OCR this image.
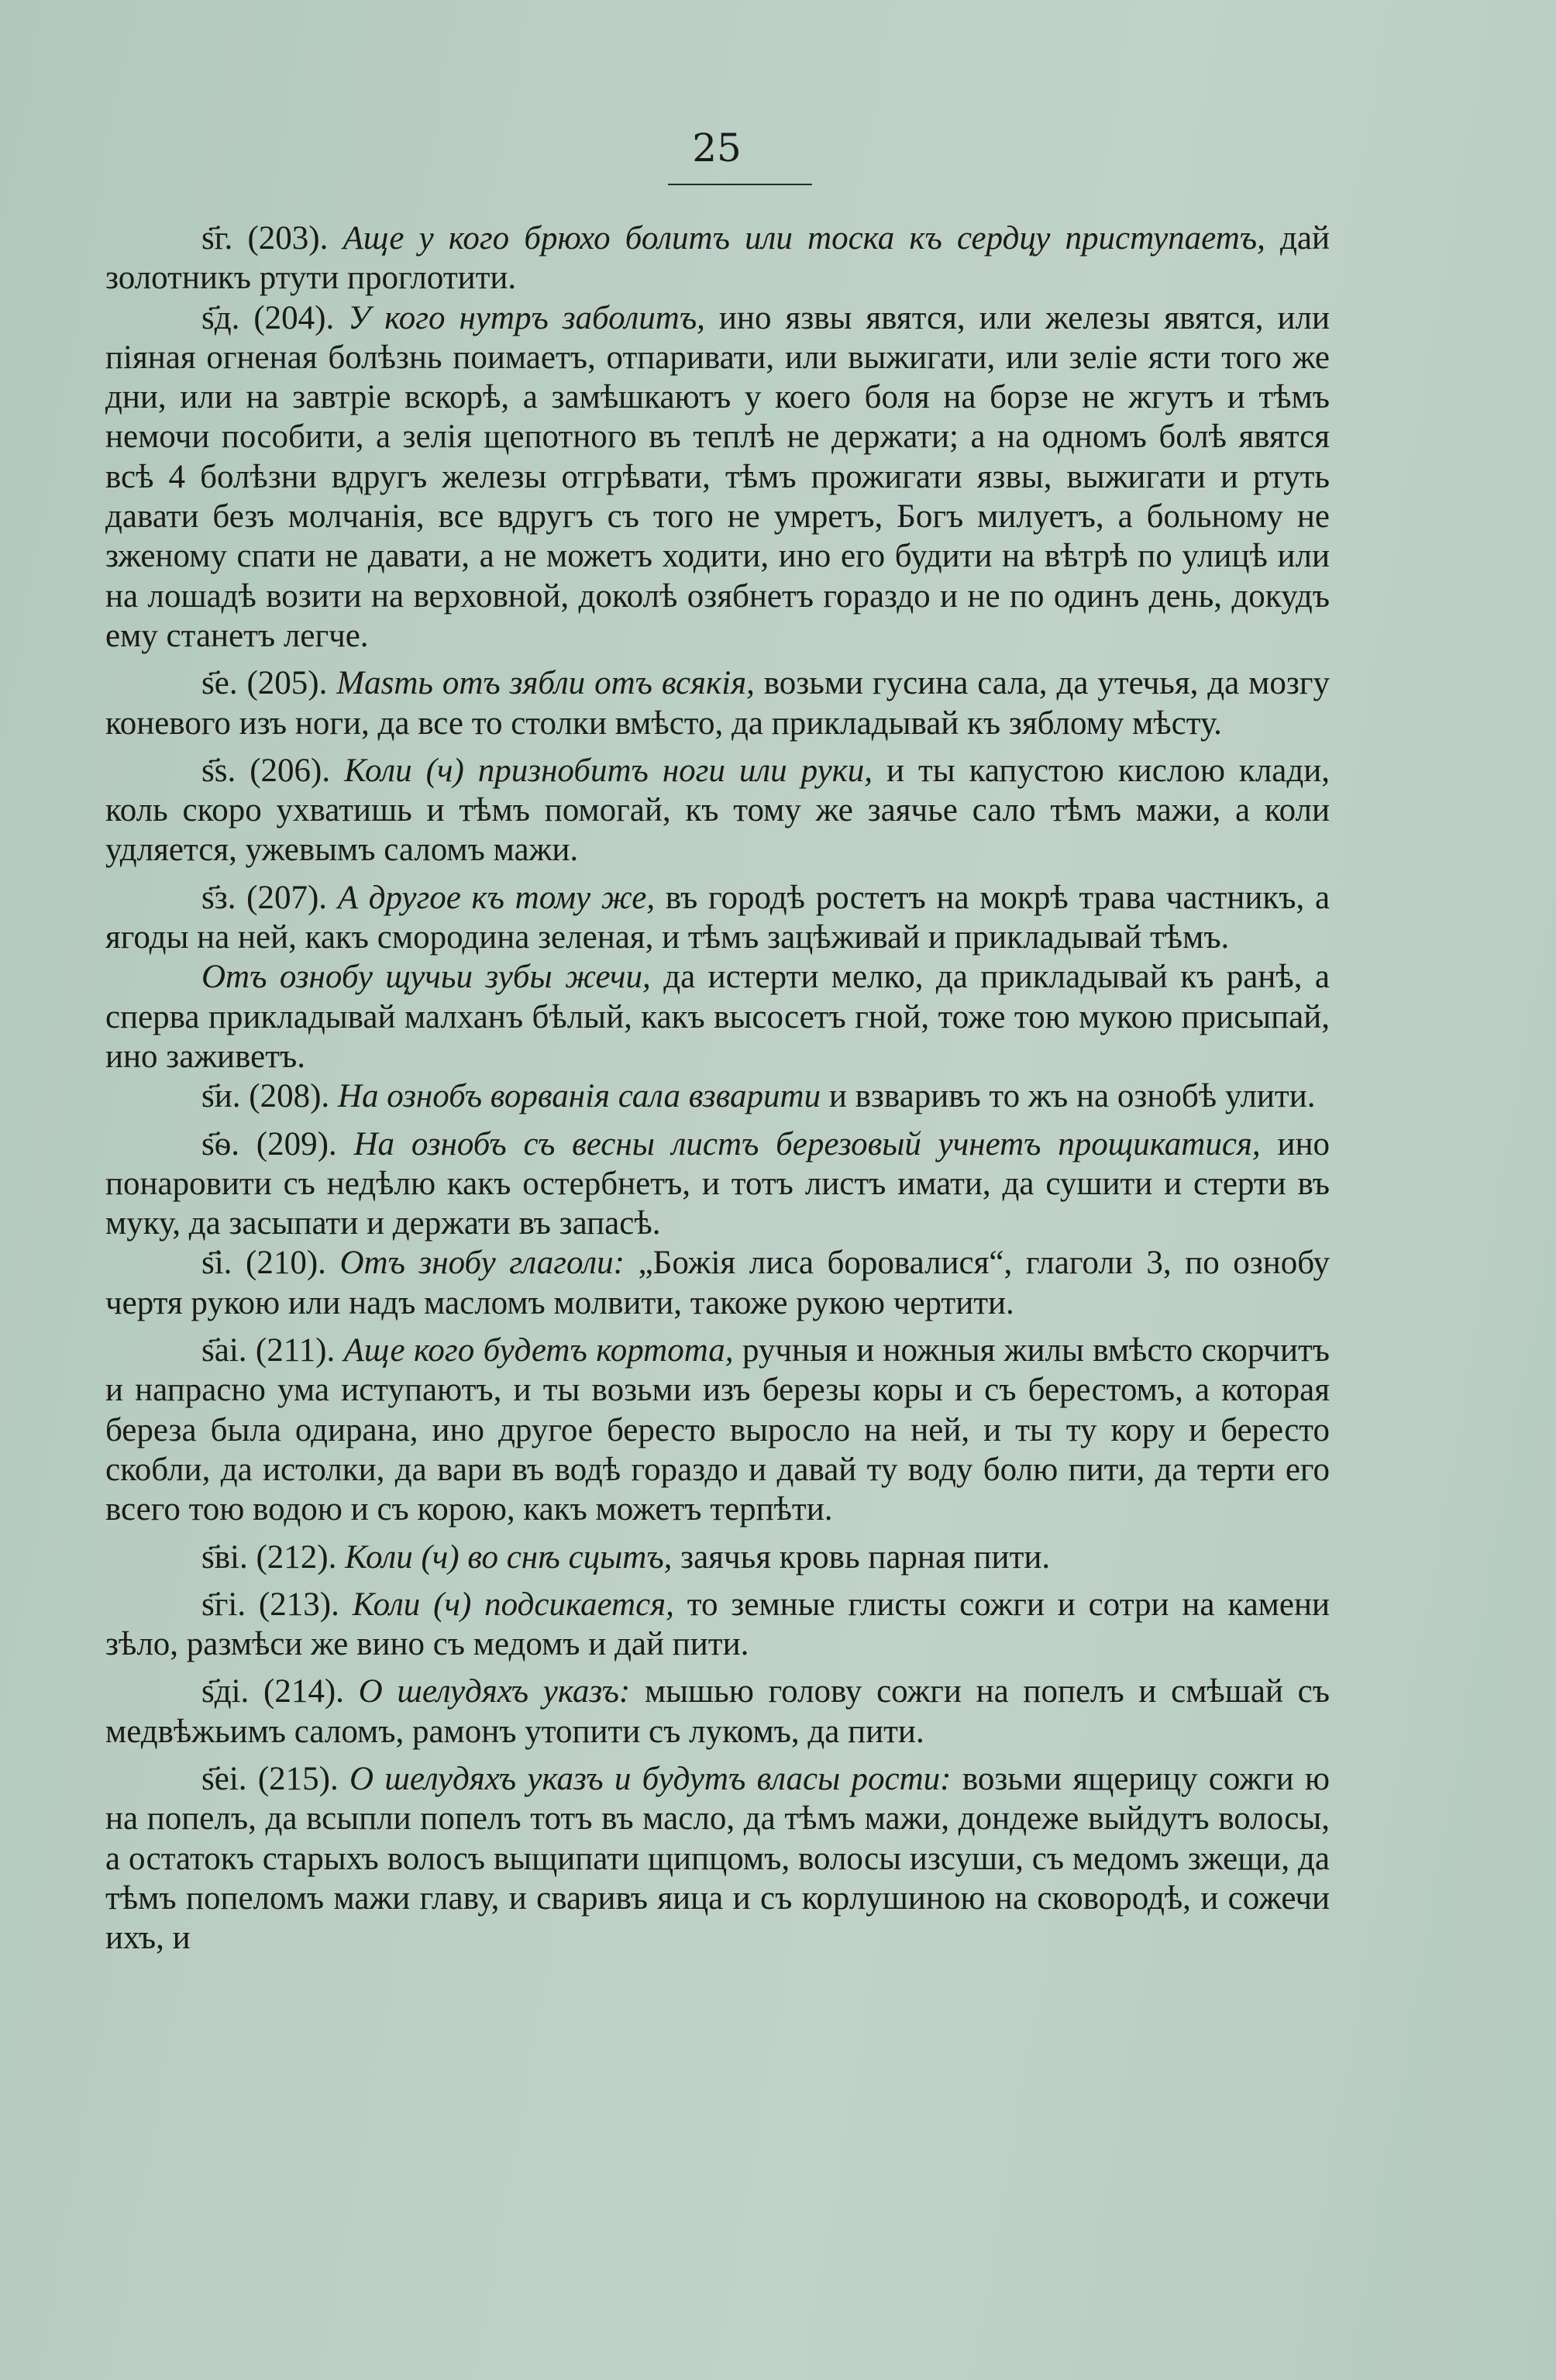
25

ѕ҃г. (203). Аще у кого брюхо болитъ или тоска къ сердцу приступаетъ, дай золотникъ ртути проглотити.

ѕ҃д. (204). У кого нутръ заболитъ, ино язвы явятся, или железы явятся, или піяная огненая болѣзнь поимаетъ, отпаривати, или выжигати, или зеліе ясти того же дни, или на завтріе вскорѣ, а замѣшкаютъ у коего боля на борзе не жгутъ и тѣмъ немочи пособити, а зелія щепотного въ теплѣ не держати; а на одномъ болѣ явятся всѣ 4 болѣзни вдругъ железы отгрѣвати, тѣмъ прожигати язвы, выжигати и ртуть давати безъ молчанія, все вдругъ съ того не умретъ, Богъ милуетъ, а больному не зженому спати не давати, а не можетъ ходити, ино его будити на вѣтрѣ по улицѣ или на лошадѣ возити на верховной, доколѣ озябнетъ гораздо и не по одинъ день, докудъ ему станетъ легче.

ѕ҃е. (205). Мasть отъ зябли отъ всякія, возьми гусина сала, да утечья, да мозгу коневого изъ ноги, да все то столки вмѣсто, да прикладывай къ зяблому мѣсту.

ѕ҃ѕ. (206). Коли (ч) признобитъ ноги или руки, и ты капустою кислою клади, коль скоро ухватишь и тѣмъ помогай, къ тому же заячье сало тѣмъ мажи, а коли удляется, ужевымъ саломъ мажи.

ѕ҃з. (207). А другое къ тому же, въ городѣ ростетъ на мокрѣ трава частникъ, а ягоды на ней, какъ смородина зеленая, и тѣмъ зацѣживай и прикладывай тѣмъ.

Отъ ознобу щучьи зубы жечи, да истерти мелко, да прикладывай къ ранѣ, а сперва прикладывай малханъ бѣлый, какъ высосетъ гной, тоже тою мукою присыпай, ино заживетъ.

ѕ҃и. (208). На ознобъ ворванія сала взварити и взваривъ то жъ на ознобѣ улити.

ѕ҃ѳ. (209). На ознобъ съ весны листъ березовый учнетъ прощикатися, ино понаровити съ недѣлю какъ остербнетъ, и тотъ листъ имати, да сушити и стерти въ муку, да засыпати и держати въ запасѣ.

ѕ҃і. (210). Отъ знобу глаголи: „Божія лиса боровалися“, глаголи 3, по ознобу чертя рукою или надъ масломъ молвити, такоже рукою чертити.

ѕ҃аі. (211). Аще кого будетъ кортота, ручныя и ножныя жилы вмѣсто скорчитъ и напрасно ума иступаютъ, и ты возьми изъ березы коры и съ берестомъ, а которая береза была одирана, ино другое бересто выросло на ней, и ты ту кору и бересто скобли, да истолки, да вари въ водѣ гораздо и давай ту воду болю пити, да терти его всего тою водою и съ корою, какъ можетъ терпѣти.

ѕ҃ві. (212). Коли (ч) во снѣ сцытъ, заячья кровь парная пити.

ѕ҃гі. (213). Коли (ч) подсикается, то земные глисты сожги и сотри на камени зѣло, размѣси же вино съ медомъ и дай пити.

ѕ҃ді. (214). О шелудяхъ указъ: мышью голову сожги на попелъ и смѣшай съ медвѣжьимъ саломъ, рамонъ утопити съ лукомъ, да пити.

ѕ҃еі. (215). О шелудяхъ указъ и будутъ власы рости: возьми ящерицу сожги ю на попелъ, да всыпли попелъ тотъ въ масло, да тѣмъ мажи, дондеже выйдутъ волосы, а остатокъ старыхъ волосъ выщипати щипцомъ, волосы изсуши, съ медомъ зжещи, да тѣмъ попеломъ мажи главу, и сваривъ яица и съ корлушиною на сковородѣ, и сожечи ихъ, и
